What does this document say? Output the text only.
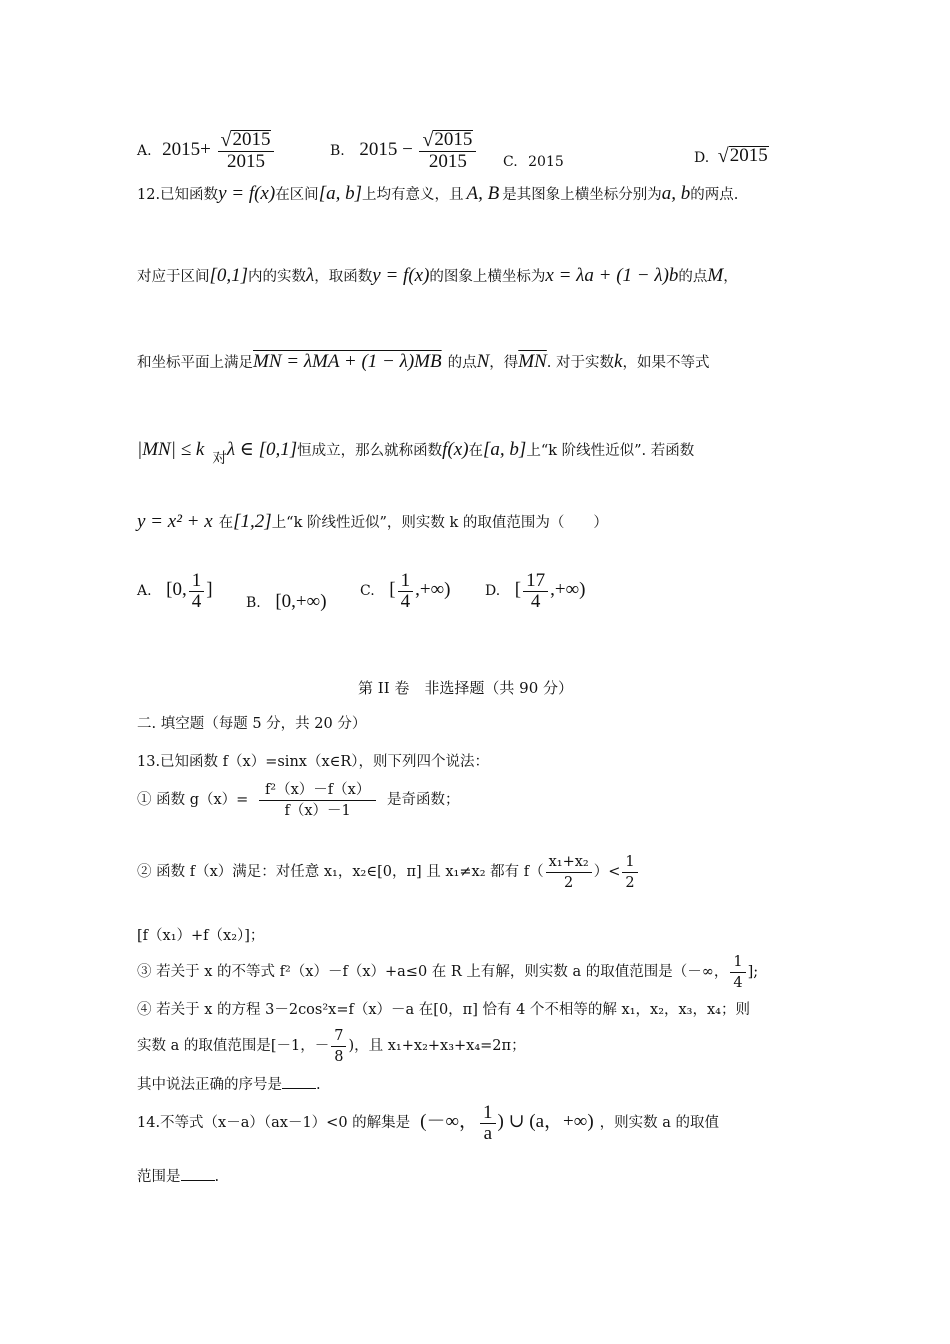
A. $2015+ \frac{√ 2015}{2015}$	B. $2015 - \frac{√ 2015}{2015} C$. 2015	D. √ 2015
12.已知函数y = f(x)在区间[a, b]上均有意义，且 A, B 是其图象上横坐标分别为a, b的两点.
对应于区间[0,1]内的实数λ，取函数y = f(x)的图象上横坐标为x = λa + (1 − λ)b的点M，
和坐标平面上满足MN = λMA + (1 − λ)MB 的点N，得$\overline{MN}$. 对于实数k，如果不等式
|MN| ≤ k 对λ ∈ [0,1]恒成立，那么就称函数f(x)在[a, b]上“k 阶线性近似”. 若函数
y = x² + x 在[1,2]上“k 阶线性近似”，则实数 k 的取值范围为（　　）
A. [0, $\frac{1}{4}$ ]
B. [0,+∞) C. [ $\frac{1}{4}$ ,+∞) D. [ $\frac{17}{4}$ ,+∞)
第 II 卷　非选择题（共 90 分）
二. 填空题（每题 5 分，共 20 分）
13.已知函数 f（x）=sinx（x∈R），则下列四个说法：
① 函数 $g(x)= \frac{\text{f²（x）－f（x）}}{f(x)-1}$ 是奇函数；
② 函数 f（x）满足：对任意 x₁，x₂∈[0，π] 且 x₁≠x₂ 都有 $f( \frac{\text{x₁+x₂}}{2}$ ）< $\frac{1}{2}$
[f（x₁）+f（x₂）]；
③ 若关于 x 的不等式 f²（x）－f（x）+a≤0 在 R 上有解，则实数 a 的取值范围是（－∞， $\frac{1}{4}$ ];
④ 若关于 x 的方程 3－2cos²x=f（x）－a 在[0，π] 恰有 4 个不相等的解 x₁，x₂，x₃，x₄；则
实数 a 的取值范围是[－1，－ $\frac{7}{8}$ )，且 x₁+x₂+x₃+x₄=2π；
其中说法正确的序号是 .
14.不等式（x－a）（ax－1）<0 的解集是 (－∞， $\frac{1}{a}$ ) ∪ (a，+∞) ，则实数 a 的取值
范围是 .
